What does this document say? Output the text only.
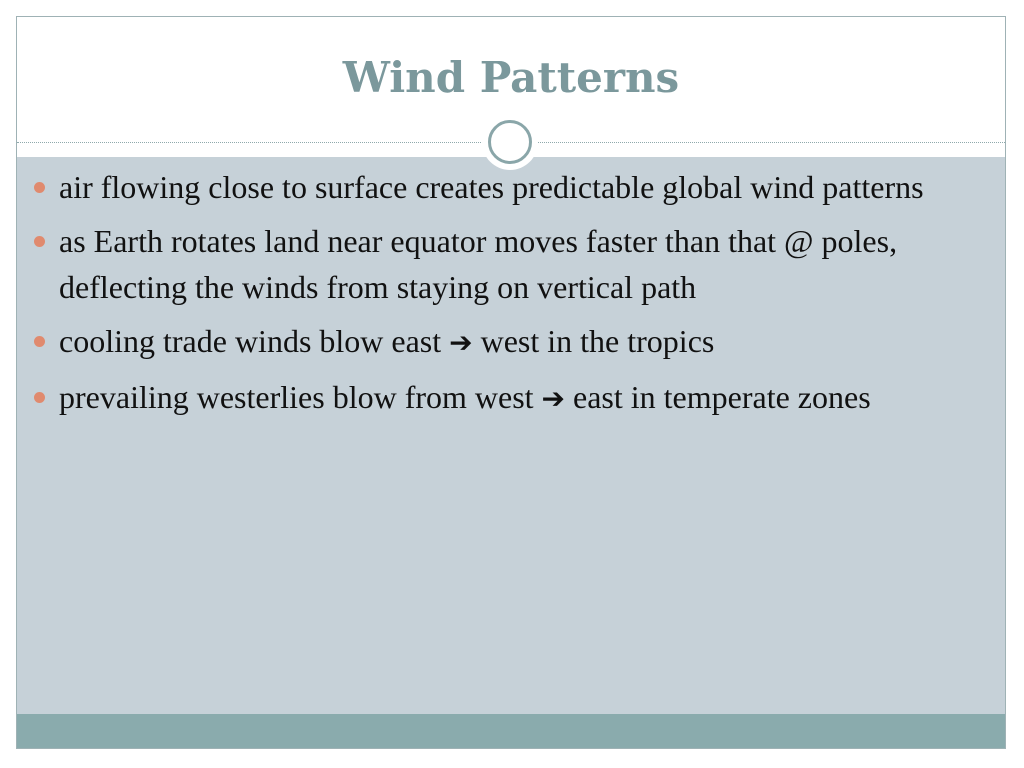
Wind Patterns
air flowing close to surface creates predictable global wind patterns
as Earth rotates land near equator moves faster than that @ poles, deflecting the winds from staying on vertical path
cooling trade winds blow east ➔ west in the tropics
prevailing westerlies blow from west ➔ east in temperate zones
